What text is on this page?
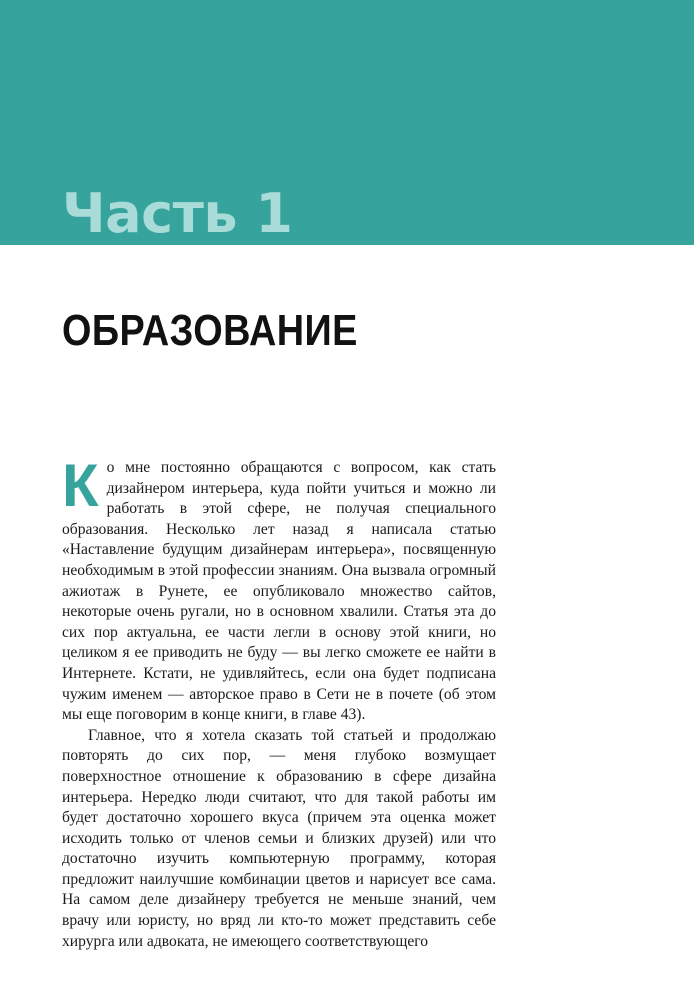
Часть 1
ОБРАЗОВАНИЕ

Ко мне постоянно обращаются с вопросом, как стать дизайнером интерьера, куда пойти учиться и можно ли работать в этой сфере, не получая специального образования. Несколько лет назад я написала статью «Наставление будущим дизайнерам интерьера», посвященную необходимым в этой профессии знаниям. Она вызвала огромный ажиотаж в Рунете, ее опубликовало множество сайтов, некоторые очень ругали, но в основном хвалили. Статья эта до сих пор актуальна, ее части легли в основу этой книги, но целиком я ее приводить не буду — вы легко сможете ее найти в Интернете. Кстати, не удивляйтесь, если она будет подписана чужим именем — авторское право в Сети не в почете (об этом мы еще поговорим в конце книги, в главе 43).

Главное, что я хотела сказать той статьей и продолжаю повторять до сих пор, — меня глубоко возмущает поверхностное отношение к образованию в сфере дизайна интерьера. Нередко люди считают, что для такой работы им будет достаточно хорошего вкуса (причем эта оценка может исходить только от членов семьи и близких друзей) или что достаточно изучить компьютерную программу, которая предложит наилучшие комбинации цветов и нарисует все сама. На самом деле дизайнеру требуется не меньше знаний, чем врачу или юристу, но вряд ли кто-то может представить себе хирурга или адвоката, не имеющего соответствующего
